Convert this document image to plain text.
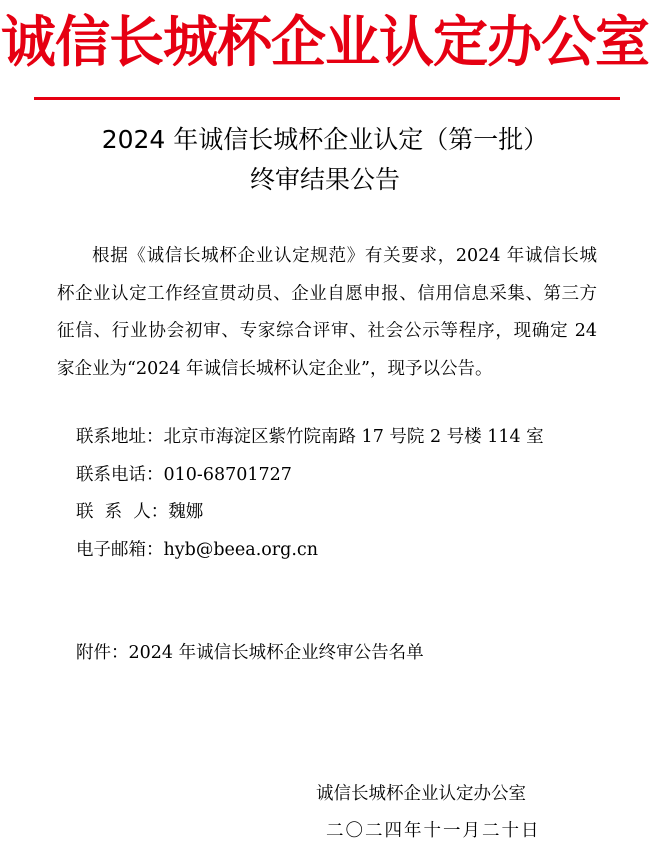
诚信长城杯企业认定办公室
2024 年诚信长城杯企业认定（第一批）
终审结果公告
根据《诚信长城杯企业认定规范》有关要求，2024 年诚信长城杯企业认定工作经宣贯动员、企业自愿申报、信用信息采集、第三方征信、行业协会初审、专家综合评审、社会公示等程序，现确定 24 家企业为“2024 年诚信长城杯认定企业”，现予以公告。
联系地址：北京市海淀区紫竹院南路 17 号院 2 号楼 114 室
联系电话：010-68701727
联  系  人：魏娜
电子邮箱：hyb@beea.org.cn
附件：2024 年诚信长城杯企业终审公告名单
诚信长城杯企业认定办公室
二〇二四年十一月二十日
